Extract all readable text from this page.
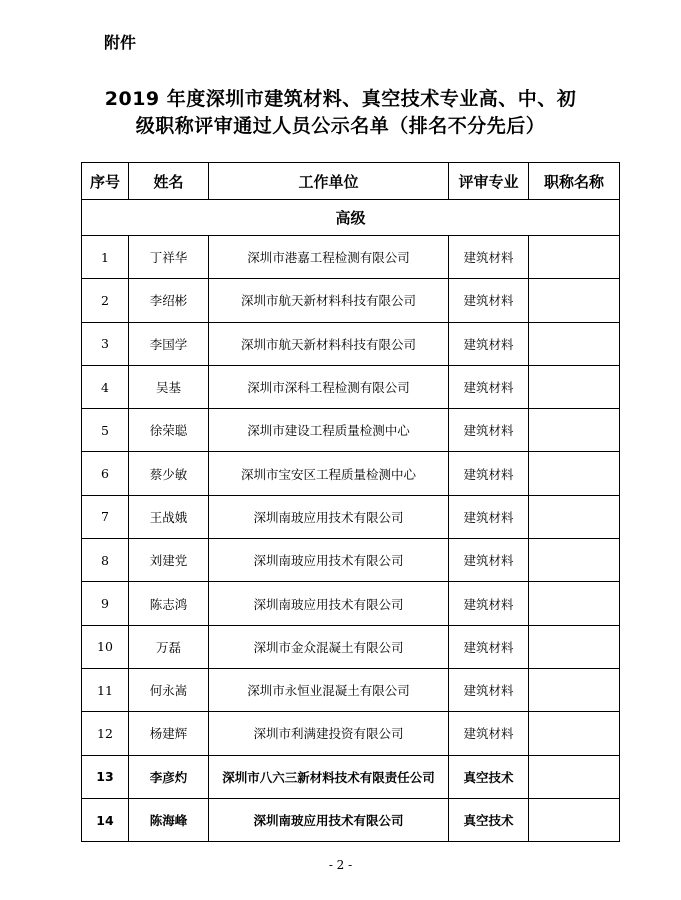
附件
2019 年度深圳市建筑材料、真空技术专业高、中、初
级职称评审通过人员公示名单（排名不分先后）
序号	姓名	工作单位	评审专业	职称名称
高级				
1	丁祥华	深圳市港嘉工程检测有限公司	建筑材料	
2	李绍彬	深圳市航天新材料科技有限公司	建筑材料	
3	李国学	深圳市航天新材料科技有限公司	建筑材料	
4	吴基	深圳市深科工程检测有限公司	建筑材料	
5	徐荣聪	深圳市建设工程质量检测中心	建筑材料	
6	蔡少敏	深圳市宝安区工程质量检测中心	建筑材料	
7	王战娥	深圳南玻应用技术有限公司	建筑材料	
8	刘建党	深圳南玻应用技术有限公司	建筑材料	
9	陈志鸿	深圳南玻应用技术有限公司	建筑材料	
10	万磊	深圳市金众混凝土有限公司	建筑材料	
11	何永嵩	深圳市永恒业混凝土有限公司	建筑材料	
12	杨建辉	深圳市利满建投资有限公司	建筑材料	
13	李彦灼	深圳市八六三新材料技术有限责任公司	真空技术	
14	陈海峰	深圳南玻应用技术有限公司	真空技术	
- 2 -
